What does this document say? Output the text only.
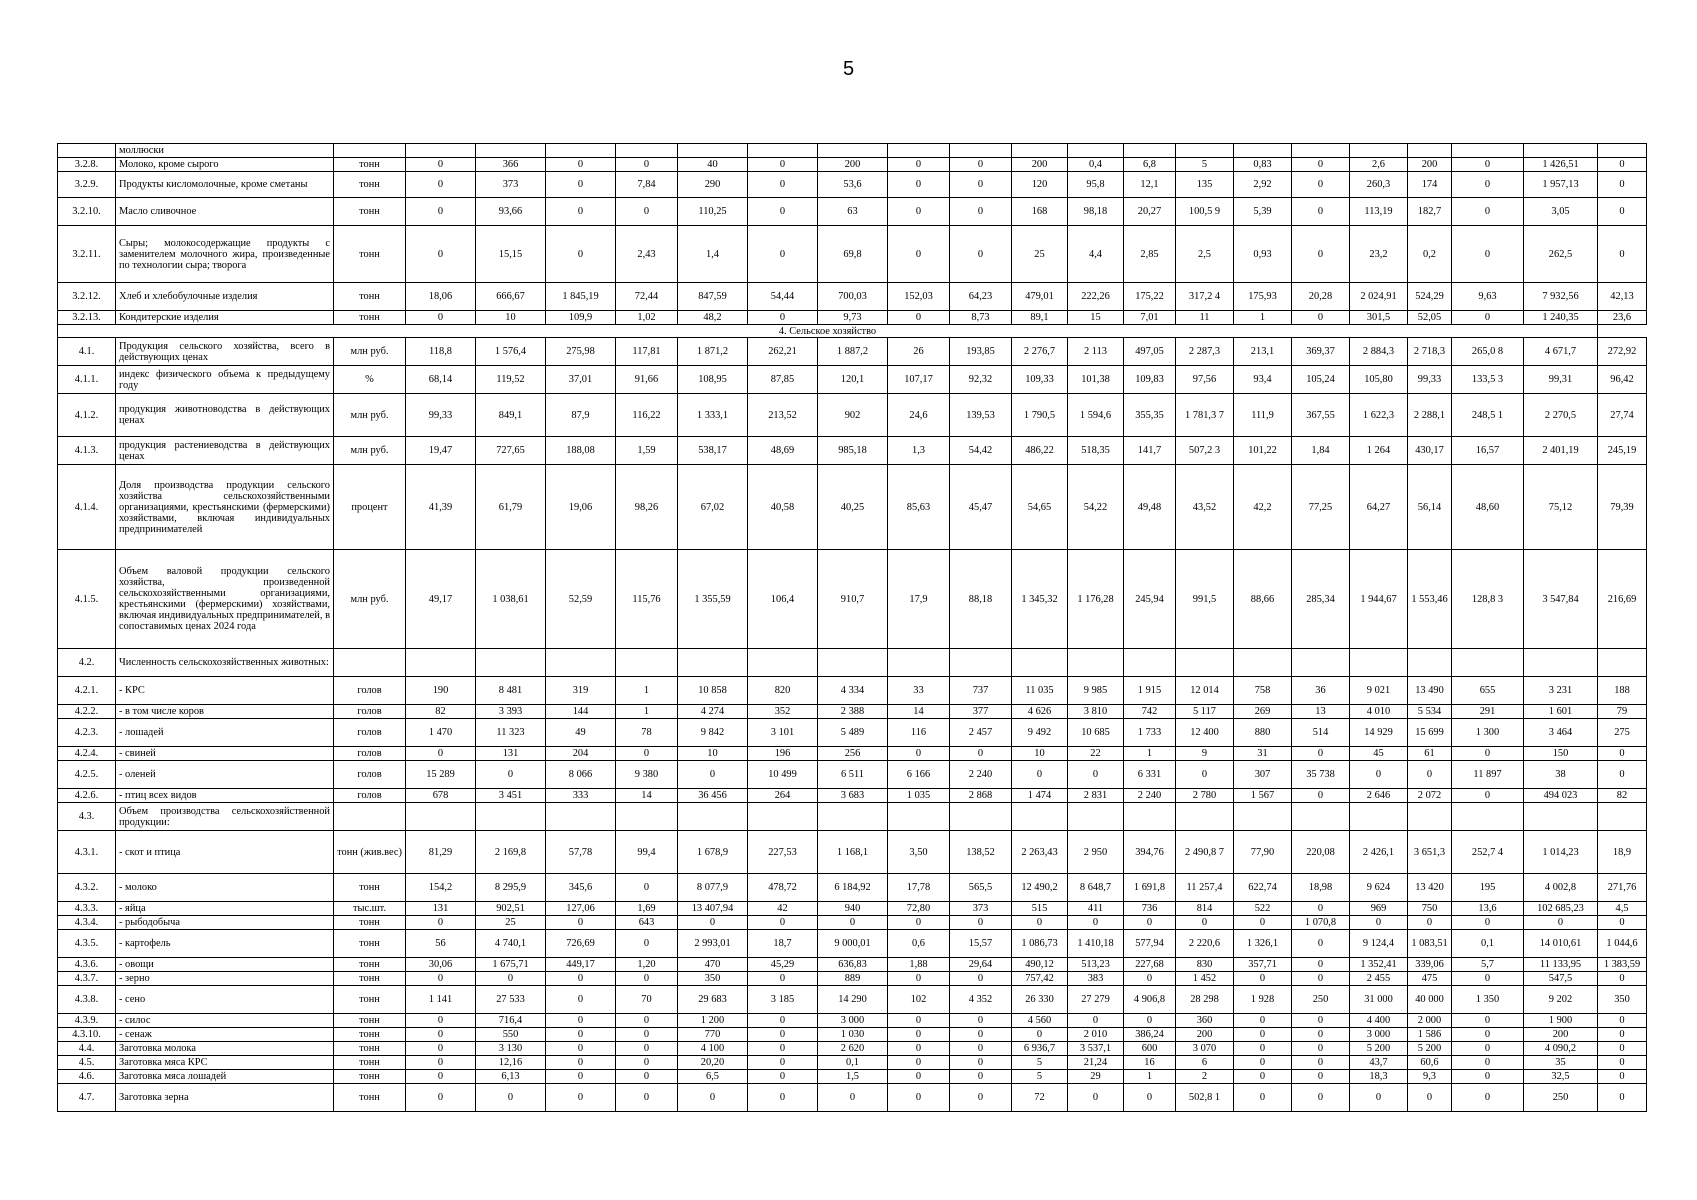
5
	моллюски																					
3.2.8.	Молоко, кроме сырого	тонн	0	366	0	0	40	0	200	0	0	200	0,4	6,8	5	0,83	0	2,6	200	0	1 426,51	0
3.2.9.	Продукты кисломолочные, кроме сметаны	тонн	0	373	0	7,84	290	0	53,6	0	0	120	95,8	12,1	135	2,92	0	260,3	174	0	1 957,13	0
3.2.10.	Масло сливочное	тонн	0	93,66	0	0	110,25	0	63	0	0	168	98,18	20,27	100,5 9	5,39	0	113,19	182,7	0	3,05	0
3.2.11.	Сыры; молокосодержащие продукты с заменителем молочного жира, произведенные по технологии сыра; творога	тонн	0	15,15	0	2,43	1,4	0	69,8	0	0	25	4,4	2,85	2,5	0,93	0	23,2	0,2	0	262,5	0
3.2.12.	Хлеб и хлебобулочные изделия	тонн	18,06	666,67	1 845,19	72,44	847,59	54,44	700,03	152,03	64,23	479,01	222,26	175,22	317,2 4	175,93	20,28	2 024,91	524,29	9,63	7 932,56	42,13
3.2.13.	Кондитерские изделия	тонн	0	10	109,9	1,02	48,2	0	9,73	0	8,73	89,1	15	7,01	11	1	0	301,5	52,05	0	1 240,35	23,6
4. Сельское хозяйство																						
4.1.	Продукция сельского хозяйства, всего в действующих ценах	млн руб.	118,8	1 576,4	275,98	117,81	1 871,2	262,21	1 887,2	26	193,85	2 276,7	2 113	497,05	2 287,3	213,1	369,37	2 884,3	2 718,3	265,0 8	4 671,7	272,92
4.1.1.	индекс физического объема к предыдущему году	%	68,14	119,52	37,01	91,66	108,95	87,85	120,1	107,17	92,32	109,33	101,38	109,83	97,56	93,4	105,24	105,80	99,33	133,5 3	99,31	96,42
4.1.2.	продукция животноводства в действующих ценах	млн руб.	99,33	849,1	87,9	116,22	1 333,1	213,52	902	24,6	139,53	1 790,5	1 594,6	355,35	1 781,3 7	111,9	367,55	1 622,3	2 288,1	248,5 1	2 270,5	27,74
4.1.3.	продукция растениеводства в действующих ценах	млн руб.	19,47	727,65	188,08	1,59	538,17	48,69	985,18	1,3	54,42	486,22	518,35	141,7	507,2 3	101,22	1,84	1 264	430,17	16,57	2 401,19	245,19
4.1.4.	Доля производства продукции сельского хозяйства сельскохозяйственными организациями, крестьянскими (фермерскими) хозяйствами, включая индивидуальных предпринимателей	процент	41,39	61,79	19,06	98,26	67,02	40,58	40,25	85,63	45,47	54,65	54,22	49,48	43,52	42,2	77,25	64,27	56,14	48,60	75,12	79,39
4.1.5.	Объем валовой продукции сельского хозяйства, произведенной сельскохозяйственными организациями, крестьянскими (фермерскими) хозяйствами, включая индивидуальных предпринимателей, в сопоставимых ценах 2024 года	млн руб.	49,17	1 038,61	52,59	115,76	1 355,59	106,4	910,7	17,9	88,18	1 345,32	1 176,28	245,94	991,5	88,66	285,34	1 944,67	1 553,46	128,8 3	3 547,84	216,69
4.2.	Численность сельскохозяйственных животных:																					
4.2.1.	- КРС	голов	190	8 481	319	1	10 858	820	4 334	33	737	11 035	9 985	1 915	12 014	758	36	9 021	13 490	655	3 231	188
4.2.2.	- в том числе коров	голов	82	3 393	144	1	4 274	352	2 388	14	377	4 626	3 810	742	5 117	269	13	4 010	5 534	291	1 601	79
4.2.3.	- лошадей	голов	1 470	11 323	49	78	9 842	3 101	5 489	116	2 457	9 492	10 685	1 733	12 400	880	514	14 929	15 699	1 300	3 464	275
4.2.4.	- свиней	голов	0	131	204	0	10	196	256	0	0	10	22	1	9	31	0	45	61	0	150	0
4.2.5.	- оленей	голов	15 289	0	8 066	9 380	0	10 499	6 511	6 166	2 240	0	0	6 331	0	307	35 738	0	0	11 897	38	0
4.2.6.	- птиц всех видов	голов	678	3 451	333	14	36 456	264	3 683	1 035	2 868	1 474	2 831	2 240	2 780	1 567	0	2 646	2 072	0	494 023	82
4.3.	Объем производства сельскохозяйственной продукции:																					
4.3.1.	- скот и птица	тонн (жив.вес)	81,29	2 169,8	57,78	99,4	1 678,9	227,53	1 168,1	3,50	138,52	2 263,43	2 950	394,76	2 490,8 7	77,90	220,08	2 426,1	3 651,3	252,7 4	1 014,23	18,9
4.3.2.	- молоко	тонн	154,2	8 295,9	345,6	0	8 077,9	478,72	6 184,92	17,78	565,5	12 490,2	8 648,7	1 691,8	11 257,4	622,74	18,98	9 624	13 420	195	4 002,8	271,76
4.3.3.	- яйца	тыс.шт.	131	902,51	127,06	1,69	13 407,94	42	940	72,80	373	515	411	736	814	522	0	969	750	13,6	102 685,23	4,5
4.3.4.	- рыбодобыча	тонн	0	25	0	643	0	0	0	0	0	0	0	0	0	0	1 070,8	0	0	0	0	0
4.3.5.	- картофель	тонн	56	4 740,1	726,69	0	2 993,01	18,7	9 000,01	0,6	15,57	1 086,73	1 410,18	577,94	2 220,6	1 326,1	0	9 124,4	1 083,51	0,1	14 010,61	1 044,6
4.3.6.	- овощи	тонн	30,06	1 675,71	449,17	1,20	470	45,29	636,83	1,88	29,64	490,12	513,23	227,68	830	357,71	0	1 352,41	339,06	5,7	11 133,95	1 383,59
4.3.7.	- зерно	тонн	0	0	0	0	350	0	889	0	0	757,42	383	0	1 452	0	0	2 455	475	0	547,5	0
4.3.8.	- сено	тонн	1 141	27 533	0	70	29 683	3 185	14 290	102	4 352	26 330	27 279	4 906,8	28 298	1 928	250	31 000	40 000	1 350	9 202	350
4.3.9.	- силос	тонн	0	716,4	0	0	1 200	0	3 000	0	0	4 560	0	0	360	0	0	4 400	2 000	0	1 900	0
4.3.10.	- сенаж	тонн	0	550	0	0	770	0	1 030	0	0	0	2 010	386,24	200	0	0	3 000	1 586	0	200	0
4.4.	Заготовка молока	тонн	0	3 130	0	0	4 100	0	2 620	0	0	6 936,7	3 537,1	600	3 070	0	0	5 200	5 200	0	4 090,2	0
4.5.	Заготовка мяса КРС	тонн	0	12,16	0	0	20,20	0	0,1	0	0	5	21,24	16	6	0	0	43,7	60,6	0	35	0
4.6.	Заготовка мяса лошадей	тонн	0	6,13	0	0	6,5	0	1,5	0	0	5	29	1	2	0	0	18,3	9,3	0	32,5	0
4.7.	Заготовка зерна	тонн	0	0	0	0	0	0	0	0	0	72	0	0	502,8 1	0	0	0	0	0	250	0
